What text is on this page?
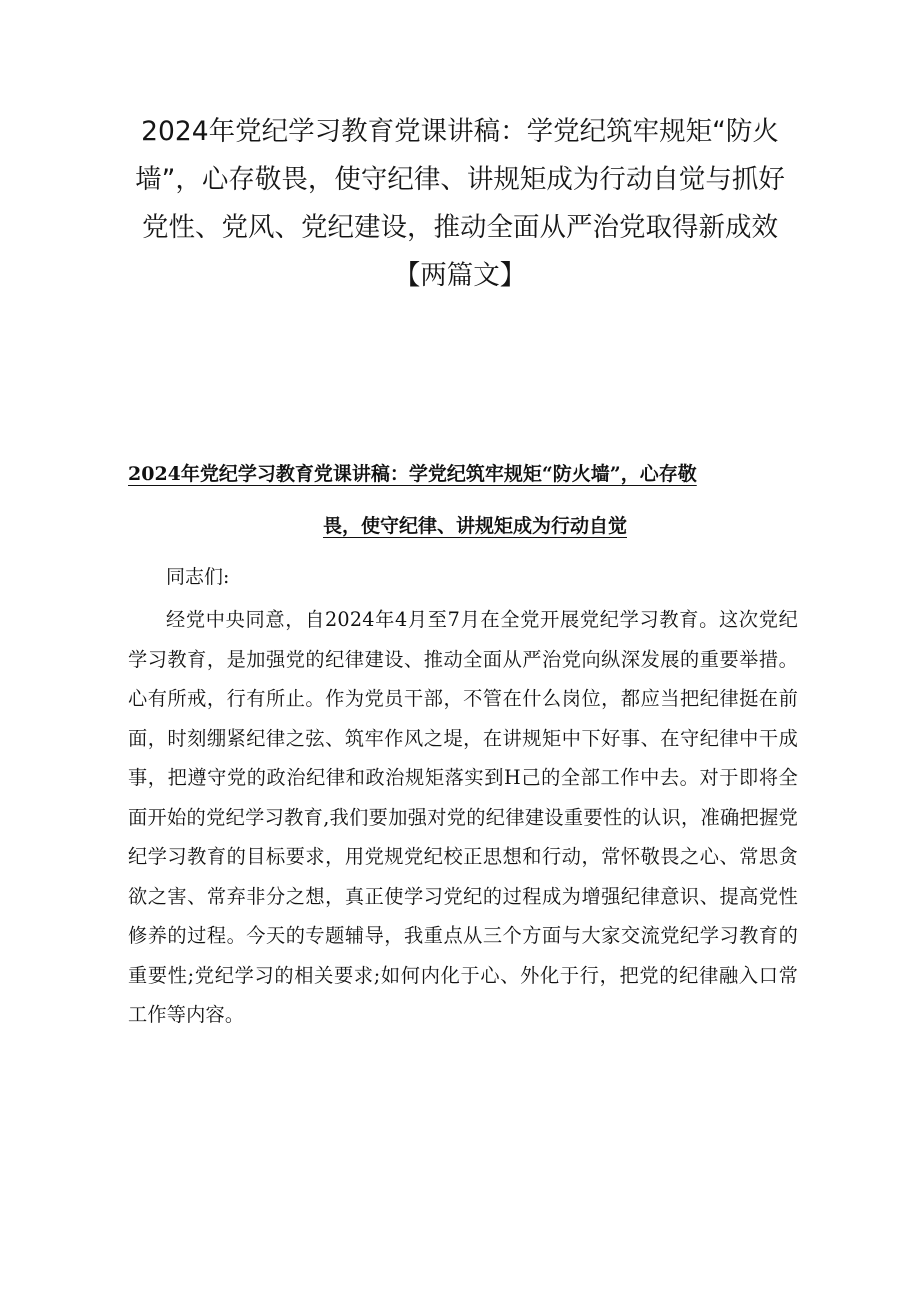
2024年党纪学习教育党课讲稿：学党纪筑牢规矩“防火墙”，心存敬畏，使守纪律、讲规矩成为行动自觉与抓好党性、党风、党纪建设，推动全面从严治党取得新成效【两篇文】
2024年党纪学习教育党课讲稿：学党纪筑牢规矩“防火墙”，心存敬
畏，使守纪律、讲规矩成为行动自觉

同志们:

经党中央同意，自2024年4月至7月在全党开展党纪学习教育。这次党纪学习教育，是加强党的纪律建设、推动全面从严治党向纵深发展的重要举措。心有所戒，行有所止。作为党员干部，不管在什么岗位，都应当把纪律挺在前面，时刻绷紧纪律之弦、筑牢作风之堤，在讲规矩中下好事、在守纪律中干成事，把遵守党的政治纪律和政治规矩落实到H己的全部工作中去。对于即将全面开始的党纪学习教育,我们要加强对党的纪律建设重要性的认识，准确把握党纪学习教育的目标要求，用党规党纪校正思想和行动，常怀敬畏之心、常思贪欲之害、常弃非分之想，真正使学习党纪的过程成为增强纪律意识、提高党性修养的过程。今天的专题辅导，我重点从三个方面与大家交流党纪学习教育的重要性;党纪学习的相关要求;如何内化于心、外化于行，把党的纪律融入口常工作等内容。
